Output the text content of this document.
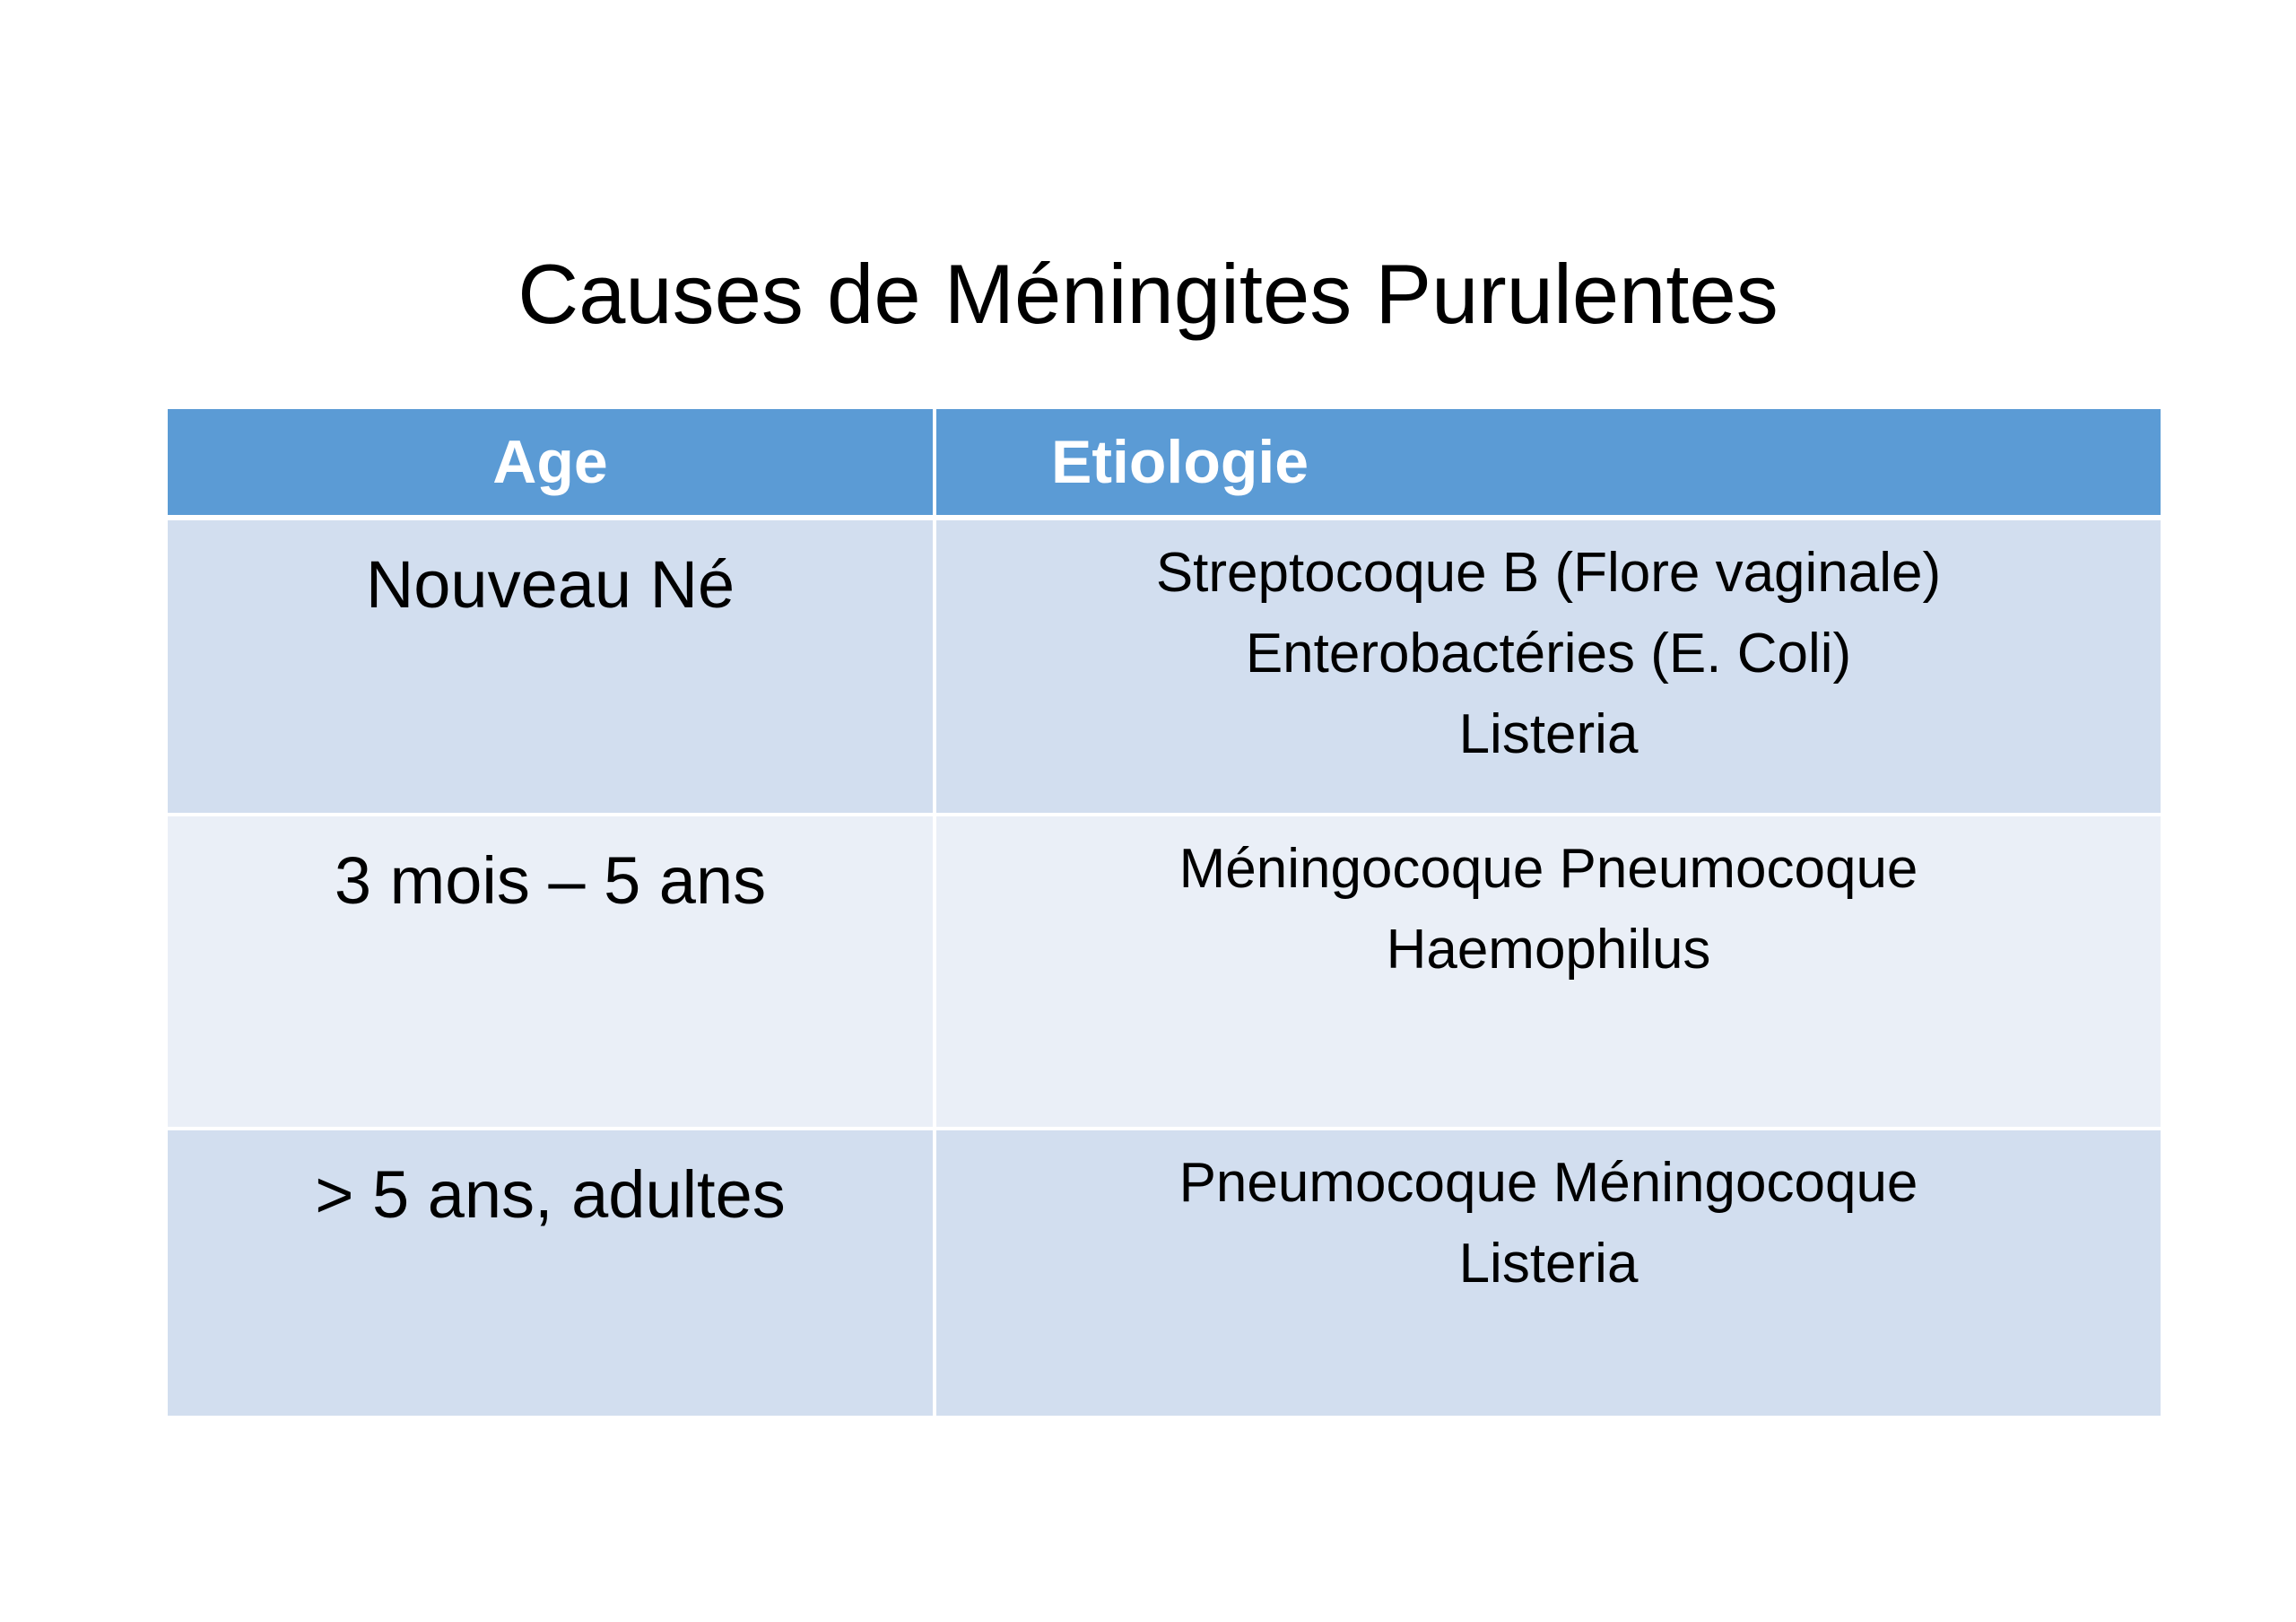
Causes de Méningites Purulentes
Age	Etiologie
Nouveau Né	Streptocoque B (Flore vaginale)
Enterobactéries (E. Coli)
Listeria

3 mois – 5 ans	Méningocoque Pneumocoque
Haemophilus

> 5 ans, adultes	Pneumocoque Méningocoque
Listeria
